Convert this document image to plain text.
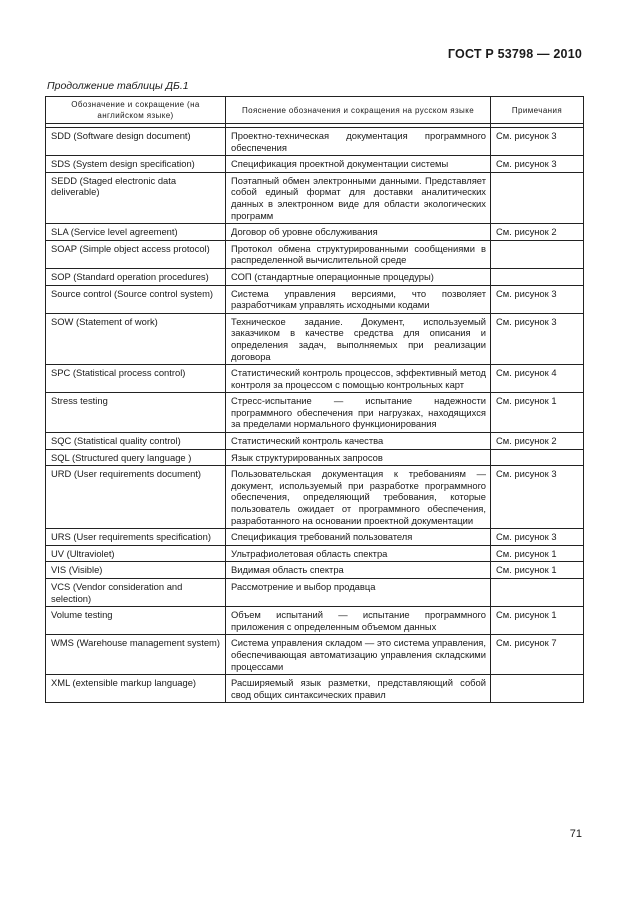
ГОСТ Р 53798 — 2010
Продолжение таблицы ДБ.1
Обозначение и сокращение (на английском языке)	Пояснение обозначения и сокращения на русском языке	Примечания

SDD (Software design document)	Проектно-техническая документация программного обеспечения	См. рисунок 3
SDS (System design specification)	Спецификация проектной документации системы	См. рисунок 3
SEDD (Staged electronic data deliverable)	Поэтапный обмен электронными данными. Представляет собой единый формат для доставки аналитических данных в электронном виде для области экологических программ	
SLA (Service level agreement)	Договор об уровне обслуживания	См. рисунок 2
SOAP (Simple object access protocol)	Протокол обмена структурированными сообщениями в распределенной вычислительной среде	
SOP (Standard operation procedures)	СОП (стандартные операционные процедуры)	
Source control (Source control system)	Система управления версиями, что позволяет разработчикам управлять исходными кодами	См. рисунок 3
SOW (Statement of work)	Техническое задание. Документ, используемый заказчиком в качестве средства для описания и определения задач, выполняемых при реализации договора	См. рисунок 3
SPC (Statistical process control)	Статистический контроль процессов, эффективный метод контроля за процессом с помощью контрольных карт	См. рисунок 4
Stress testing	Стресс-испытание — испытание надежности программного обеспечения при нагрузках, находящихся за пределами нормального функционирования	См. рисунок 1
SQC (Statistical quality control)	Статистический контроль качества	См. рисунок 2
SQL (Structured query language )	Язык структурированных запросов	
URD (User requirements document)	Пользовательская документация к требованиям — документ, используемый при разработке программного обеспечения, определяющий требования, которые пользователь ожидает от программного обеспечения, разработанного на основании проектной документации	См. рисунок 3
URS (User requirements specification)	Спецификация требований пользователя	См. рисунок 3
UV (Ultraviolet)	Ультрафиолетовая область спектра	См. рисунок 1
VIS (Visible)	Видимая область спектра	См. рисунок 1
VCS (Vendor consideration and selection)	Рассмотрение и выбор продавца	
Volume testing	Объем испытаний — испытание программного приложения с определенным объемом данных	См. рисунок 1
WMS (Warehouse management system)	Система управления складом — это система управления, обеспечивающая автоматизацию управления складскими процессами	См. рисунок 7
XML (extensible markup language)	Расширяемый язык разметки, представляющий собой свод общих синтаксических правил	
71
